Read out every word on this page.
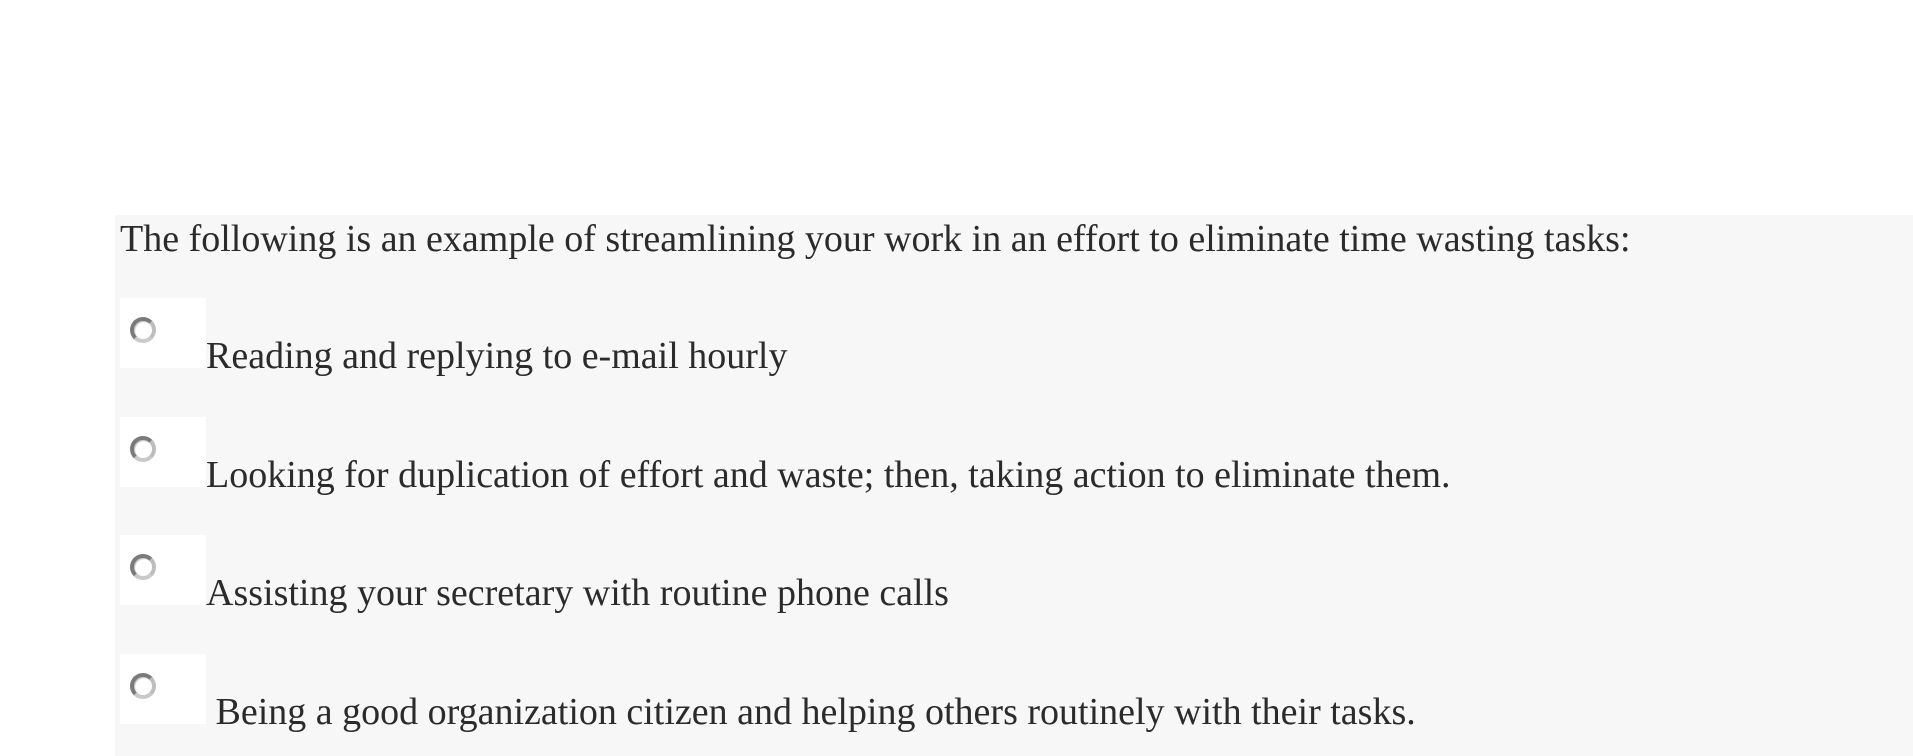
The following is an example of streamlining your work in an effort to eliminate time wasting tasks:
Reading and replying to e-mail hourly
Looking for duplication of effort and waste; then, taking action to eliminate them.
Assisting your secretary with routine phone calls
Being a good organization citizen and helping others routinely with their tasks.
